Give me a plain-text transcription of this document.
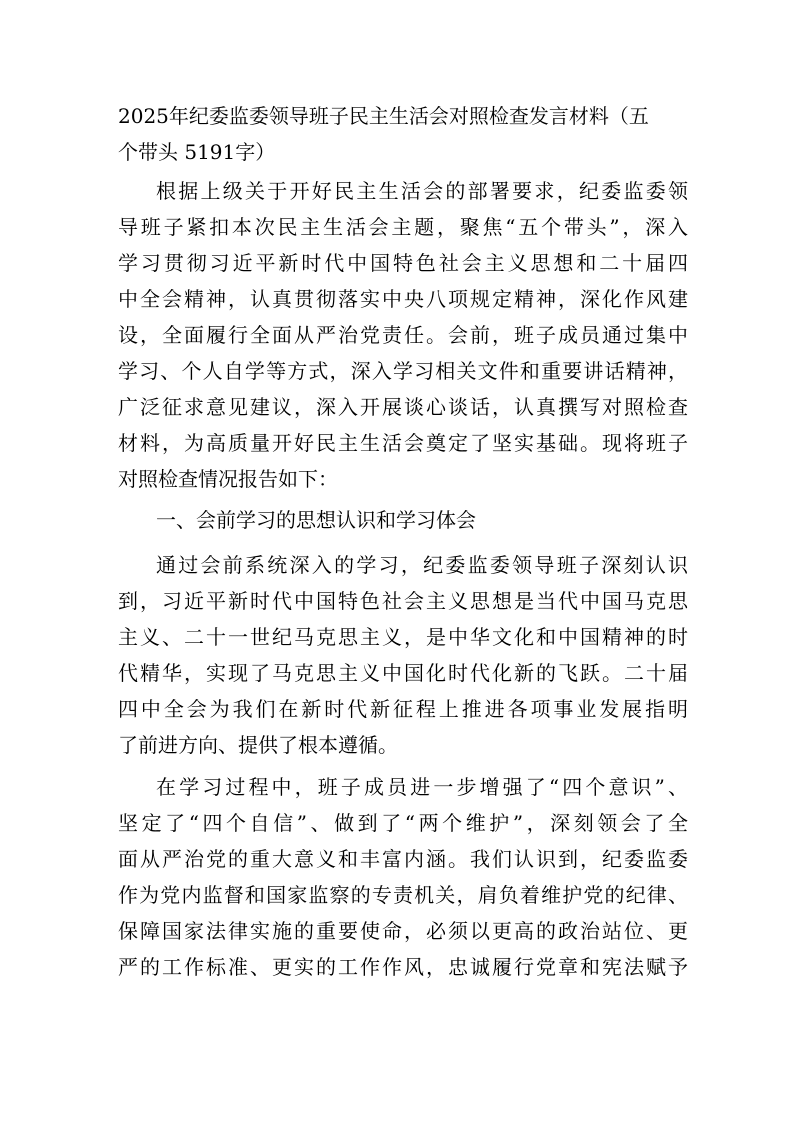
2025年纪委监委领导班子民主生活会对照检查发言材料（五
个带头 5191字）
根据上级关于开好民主生活会的部署要求，纪委监委领
导班子紧扣本次民主生活会主题，聚焦“五个带头”，深入
学习贯彻习近平新时代中国特色社会主义思想和二十届四
中全会精神，认真贯彻落实中央八项规定精神，深化作风建
设，全面履行全面从严治党责任。会前，班子成员通过集中
学习、个人自学等方式，深入学习相关文件和重要讲话精神，
广泛征求意见建议，深入开展谈心谈话，认真撰写对照检查
材料，为高质量开好民主生活会奠定了坚实基础。现将班子
对照检查情况报告如下：
一、会前学习的思想认识和学习体会
通过会前系统深入的学习，纪委监委领导班子深刻认识
到，习近平新时代中国特色社会主义思想是当代中国马克思
主义、二十一世纪马克思主义，是中华文化和中国精神的时
代精华，实现了马克思主义中国化时代化新的飞跃。二十届
四中全会为我们在新时代新征程上推进各项事业发展指明
了前进方向、提供了根本遵循。
在学习过程中，班子成员进一步增强了“四个意识”、
坚定了“四个自信”、做到了“两个维护”，深刻领会了全
面从严治党的重大意义和丰富内涵。我们认识到，纪委监委
作为党内监督和国家监察的专责机关，肩负着维护党的纪律、
保障国家法律实施的重要使命，必须以更高的政治站位、更
严的工作标准、更实的工作作风，忠诚履行党章和宪法赋予
